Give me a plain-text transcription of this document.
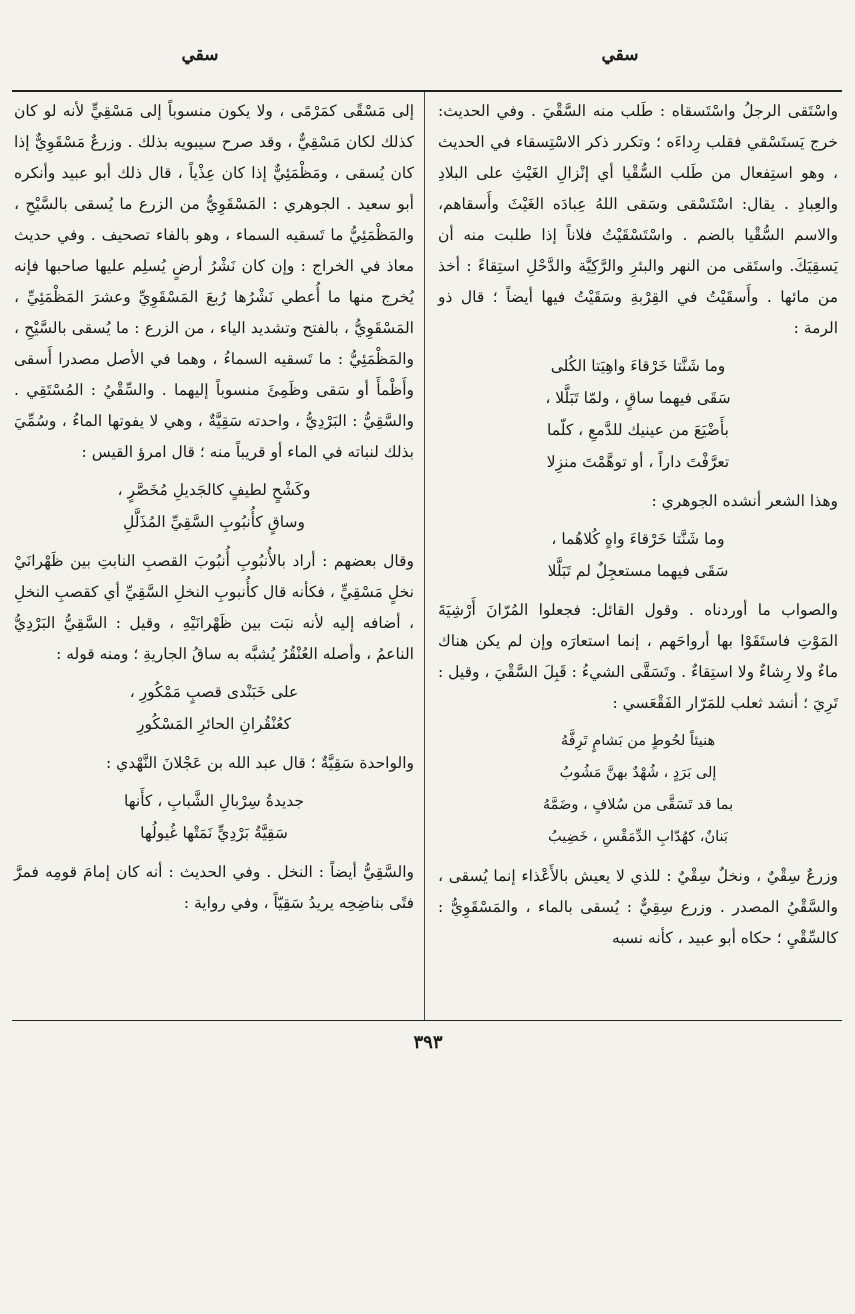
سقي
سقي

واسْتَقى الرجلُ واسْتَسقاه : طَلب منه السَّقْيَ . وفي الحديث: خرج يَستَسْقي فقلب رِداءَه ؛ وتكرر ذكر الاسْتِسقاء في الحديث ، وهو استِفعال من طَلب السُّقْيا أي إنْزالِ الغَيْثِ على البلادِ والعِبادِ . يقال: اسْتَسْقى وسَقى اللهُ عِبادَه الغَيْثَ وأَسقاهم، والاسم السُّقْيا بالضم . واسْتَسْقَيْتُ فلاناً إذا طلبت منه أن يَسقِيَكَ. واستَقى من النهر والبئرِ والرَّكِيَّة والدَّحْلِ استِقاءً : أخذ من مائها . وأَسقَيْتُ في القِرْبةِ وسَقَيْتُ فيها أيضاً ؛ قال ذو الرمة :

وما شَنَّتا خَرْقاءَ واهِيَتا الكُلى
سَقَى فيهما ساقٍ ، ولمّا تَبَلَّلا ،
بأَضْيَعَ من عينيك للدَّمعِ ، كلّما
تعرَّفْتَ داراً ، أو توهَّمْتَ منزِلا

وهذا الشعر أنشده الجوهري :

وما شَنَّتا خَرْقاءَ واهٍ كُلاهُما ،
سَقَى فيهما مستعجِلٌ لم تَبَلَّلا

والصواب ما أوردناه . وقول القائل: فجعلوا المُرّانَ أَرْشِيَةَ المَوْتِ فاستَقَوْا بها أرواحَهم ، إنما استعارَه وإن لم يكن هناك ماءٌ ولا رِشاءٌ ولا استِقاءٌ . وتَسَقَّى الشيءُ : قَبِلَ السَّقْيَ ، وقيل : تَرِيَ ؛ أنشد ثعلب للمَرّار الفَقْعَسي :

هنيئاً لحُوطٍ من بَشامٍ تَرِفَّهُ
إلى بَرَدٍ ، شُهْدٌ بهنَّ مَشُوبُ
بما قد تَسَقَّى من سُلافٍ ، وضَمَّهُ
بَنانٌ، كهُدّابِ الدِّمَقْسِ ، خَضِيبُ

وزرعٌ سِقْيٌ ، ونخلٌ سِقْيٌ : للذي لا يعيش بالأَعْذاء إنما يُسقى ، والسَّقْيُ المصدر . وزرع سِقِيٌّ : يُسقى بالماء ، والمَسْقَوِيُّ : كالسِّقْيِ ؛ حكاه أبو عبيد ، كأنه نسبه

إلى مَسْقًى كمَرْمًى ، ولا يكون منسوباً إلى مَسْقِيٍّ لأنه لو كان كذلك لكان مَسْقِيٌّ ، وقد صرح سيبويه بذلك . وزرعٌ مَسْقَوِيٌّ إذا كان يُسقى ، ومَظْمَئِيٌّ إذا كان عِذْياً ، قال ذلك أبو عبيد وأنكره أبو سعيد . الجوهري : المَسْقَوِيُّ من الزرع ما يُسقى بالسَّيْحِ ، والمَظْمَئِيُّ ما تَسقيه السماء ، وهو بالفاء تصحيف . وفي حديث معاذ في الخراج : وإن كان نَشْرُ أرضٍ يُسلِم عليها صاحبها فإنه يُخرج منها ما أُعطي نَشْرُها رُبعَ المَسْقَوِيِّ وعشرَ المَظْمَئِيِّ ، المَسْقَوِيُّ ، بالفتح وتشديد الياء ، من الزرع : ما يُسقى بالسَّيْحِ ، والمَظْمَئِيُّ : ما تَسقيه السماءُ ، وهما في الأصل مصدرا أَسقى وأَظْمأَ أو سَقى وظَمِئَ منسوباً إليهما . والسِّقْيُ : المُسْتَقِي . والسَّقِيُّ : البَرْدِيُّ ، واحدته سَقِيَّةٌ ، وهي لا يفوتها الماءُ ، وسُمِّيَ بذلك لنباته في الماء أو قريباً منه ؛ قال امرؤ القيس :

وكَشْحٍ لطيفٍ كالجَديلِ مُخَصَّرٍ ،
وساقٍ كأُنبُوبِ السَّقِيِّ المُذَلَّلِ

وقال بعضهم : أراد بالأُنبُوبِ أُنبُوبَ القصبِ النابتِ بين ظَهْرانَيْ نخلٍ مَسْقِيٍّ ، فكأنه قال كأُنبوبِ النخلِ السَّقِيِّ أي كقصبِ النخلِ ، أضافه إليه لأنه نبَت بين ظَهْرانَيْهِ ، وقيل : السَّقِيُّ البَرْدِيُّ الناعمُ ، وأصله العُنْقُرُ يُشبَّه به ساقُ الجاريةِ ؛ ومنه قوله :

على خَبَنْدى قصبٍ مَمْكُورِ ،
كعُنْقُرانِ الحائرِ المَسْكُورِ

والواحدة سَقِيَّةٌ ؛ قال عبد الله بن عَجْلانَ النَّهْدي :

جديدةُ سِرْبالِ الشَّبابِ ، كأَنها
سَقِيَّةُ بَرْدِيٍّ نَمَتْها غُيولُها

والسَّقِيُّ أيضاً : النخل . وفي الحديث : أنه كان إمامَ قومِه فمرَّ فتًى بناضِحِه يريدُ سَقِيّاً ، وفي رواية :

٣٩٣
